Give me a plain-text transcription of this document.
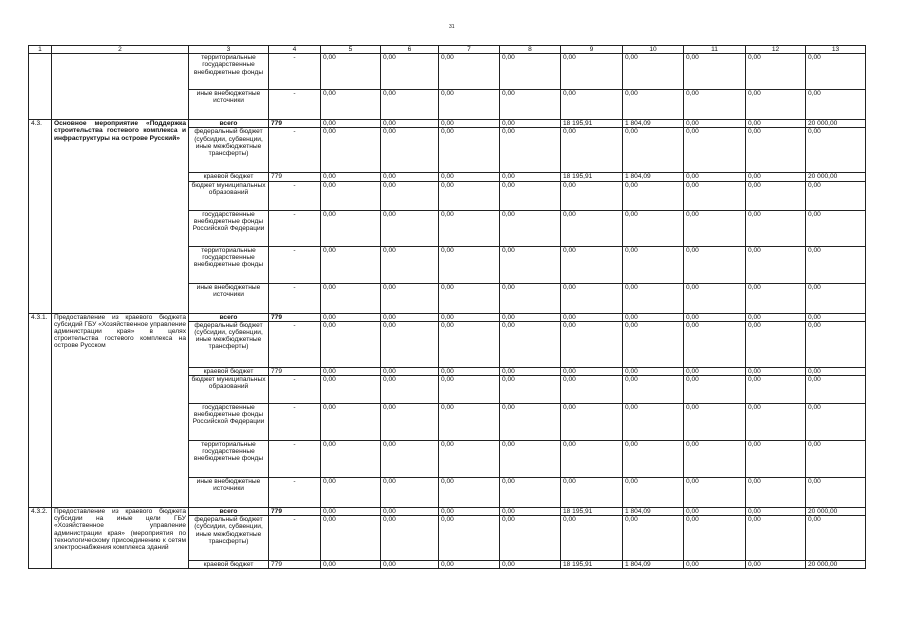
31
1	2	3	4	5	6	7	8	9	10	11	12	13
		территориальные государственные внебюджетные фонды	-	0,00	0,00	0,00	0,00	0,00	0,00	0,00	0,00	0,00
		иные внебюджетные источники	-	0,00	0,00	0,00	0,00	0,00	0,00	0,00	0,00	0,00
4.3.	Основное мероприятие «Поддержка строительства гостевого комплекса и инфраструктуры на острове Русский»	всего	779	0,00	0,00	0,00	0,00	18 195,91	1 804,09	0,00	0,00	20 000,00
		федеральный бюджет (субсидии, субвенции, иные межбюджетные трансферты)	-	0,00	0,00	0,00	0,00	0,00	0,00	0,00	0,00	0,00
		краевой бюджет	779	0,00	0,00	0,00	0,00	18 195,91	1 804,09	0,00	0,00	20 000,00
		бюджет муниципальных образований	-	0,00	0,00	0,00	0,00	0,00	0,00	0,00	0,00	0,00
		государственные внебюджетные фонды Российской Федерации	-	0,00	0,00	0,00	0,00	0,00	0,00	0,00	0,00	0,00
		территориальные государственные внебюджетные фонды	-	0,00	0,00	0,00	0,00	0,00	0,00	0,00	0,00	0,00
		иные внебюджетные источники	-	0,00	0,00	0,00	0,00	0,00	0,00	0,00	0,00	0,00
4.3.1.	Предоставление из краевого бюджета субсидий ГБУ «Хозяйственное управление администрации края» в целях строительства гостевого комплекса на острове Русском	всего	779	0,00	0,00	0,00	0,00	0,00	0,00	0,00	0,00	0,00
		федеральный бюджет (субсидии, субвенции, иные межбюджетные трансферты)	-	0,00	0,00	0,00	0,00	0,00	0,00	0,00	0,00	0,00
		краевой бюджет	779	0,00	0,00	0,00	0,00	0,00	0,00	0,00	0,00	0,00
		бюджет муниципальных образований	-	0,00	0,00	0,00	0,00	0,00	0,00	0,00	0,00	0,00
		государственные внебюджетные фонды Российской Федерации	-	0,00	0,00	0,00	0,00	0,00	0,00	0,00	0,00	0,00
		территориальные государственные внебюджетные фонды	-	0,00	0,00	0,00	0,00	0,00	0,00	0,00	0,00	0,00
		иные внебюджетные источники	-	0,00	0,00	0,00	0,00	0,00	0,00	0,00	0,00	0,00
4.3.2.	Предоставление из краевого бюджета субсидии на иные цели ГБУ «Хозяйственное управление администрации края» (мероприятия по технологическому присоединению к сетям электроснабжения комплекса зданий	всего	779	0,00	0,00	0,00	0,00	18 195,91	1 804,09	0,00	0,00	20 000,00
		федеральный бюджет (субсидии, субвенции, иные межбюджетные трансферты)	-	0,00	0,00	0,00	0,00	0,00	0,00	0,00	0,00	0,00
		краевой бюджет	779	0,00	0,00	0,00	0,00	18 195,91	1 804,09	0,00	0,00	20 000,00
